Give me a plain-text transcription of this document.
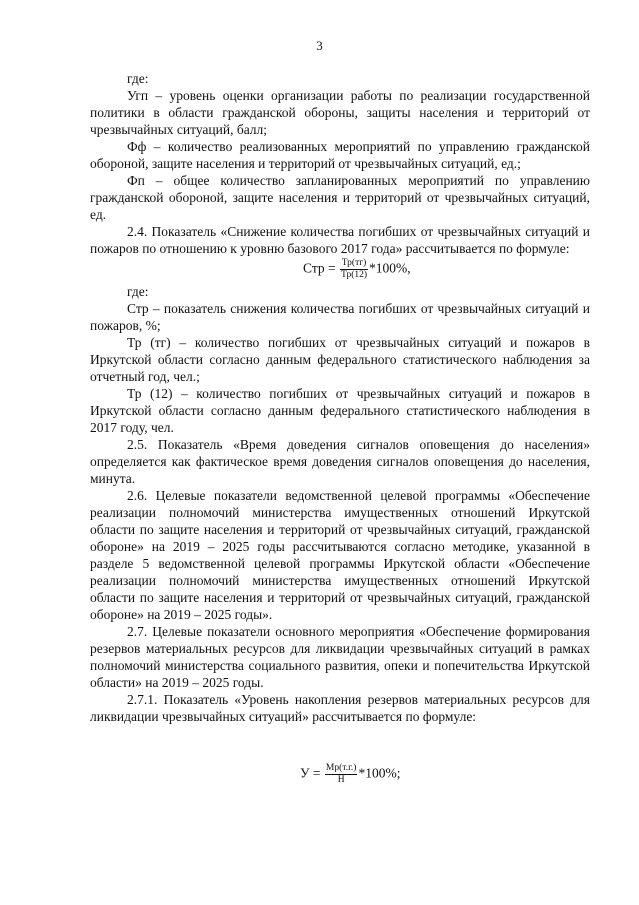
3

где:

Угп – уровень оценки организации работы по реализации государственной политики в области гражданской обороны, защиты населения и территорий от чрезвычайных ситуаций, балл;

Фф – количество реализованных мероприятий по управлению гражданской обороной, защите населения и территорий от чрезвычайных ситуаций, ед.;

Фп – общее количество запланированных мероприятий по управлению гражданской обороной, защите населения и территорий от чрезвычайных ситуаций, ед.

2.4. Показатель «Снижение количества погибших от чрезвычайных ситуаций и пожаров по отношению к уровню базового 2017 года» рассчитывается по формуле:

Стр = $\frac{Тр(тг)}{Тр(12)} *100\%$,

где:

Стр – показатель снижения количества погибших от чрезвычайных ситуаций и пожаров, %;

Тр (тг) – количество погибших от чрезвычайных ситуаций и пожаров в Иркутской области согласно данным федерального статистического наблюдения за отчетный год, чел.;

Тр (12) – количество погибших от чрезвычайных ситуаций и пожаров в Иркутской области согласно данным федерального статистического наблюдения в 2017 году, чел.

2.5. Показатель «Время доведения сигналов оповещения до населения» определяется как фактическое время доведения сигналов оповещения до населения, минута.

2.6. Целевые показатели ведомственной целевой программы «Обеспечение реализации полномочий министерства имущественных отношений Иркутской области по защите населения и территорий от чрезвычайных ситуаций, гражданской обороне» на 2019 – 2025 годы рассчитываются согласно методике, указанной в разделе 5 ведомственной целевой программы Иркутской области «Обеспечение реализации полномочий министерства имущественных отношений Иркутской области по защите населения и территорий от чрезвычайных ситуаций, гражданской обороне» на 2019 – 2025 годы».

2.7. Целевые показатели основного мероприятия «Обеспечение формирования резервов материальных ресурсов для ликвидации чрезвычайных ситуаций в рамках полномочий министерства социального развития, опеки и попечительства Иркутской области» на 2019 – 2025 годы.

2.7.1. Показатель «Уровень накопления резервов материальных ресурсов для ликвидации чрезвычайных ситуаций» рассчитывается по формуле:

$У = \frac{Мр(т.г.)}{Н} *100\%$;
